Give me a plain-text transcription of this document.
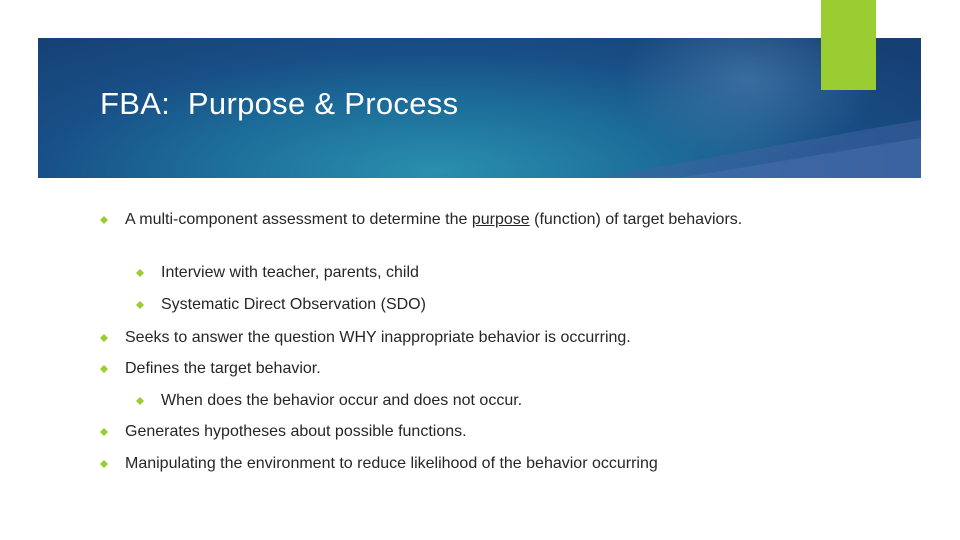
FBA:  Purpose & Process
A multi-component assessment to determine the purpose (function) of target behaviors.
Interview with teacher, parents, child
Systematic Direct Observation (SDO)
Seeks to answer the question WHY inappropriate behavior is occurring.
Defines the target behavior.
When does the behavior occur and does not occur.
Generates hypotheses about possible functions.
Manipulating the environment to reduce likelihood of the behavior occurring
